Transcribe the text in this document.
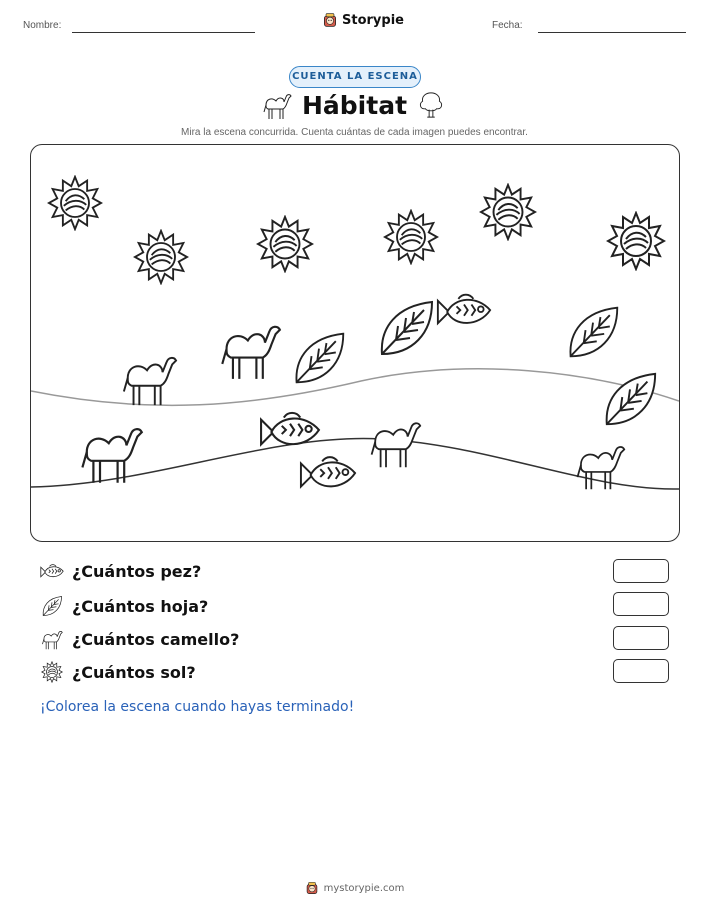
Nombre:	Storypie	Fecha:
CUENTA LA ESCENA
Hábitat
Mira la escena concurrida. Cuenta cuántas de cada imagen puedes encontrar.
¿Cuántos pez?
¿Cuántos hoja?
¿Cuántos camello?
¿Cuántos sol?
¡Colorea la escena cuando hayas terminado!
mystorypie.com
